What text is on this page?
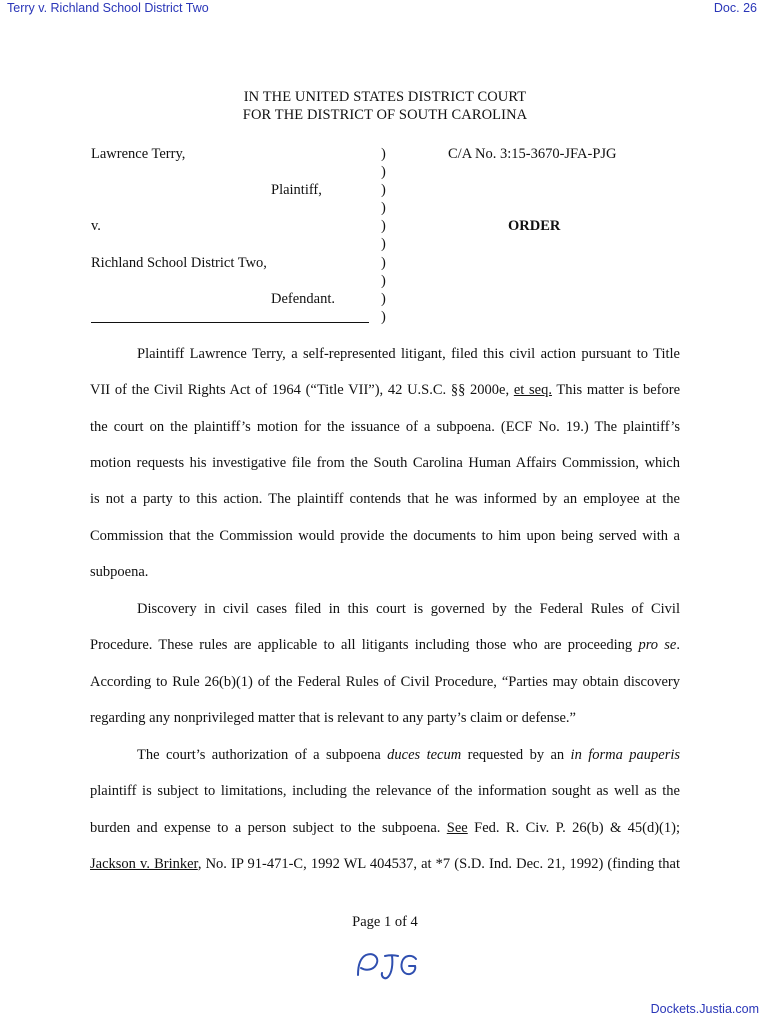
Terry v. Richland School District Two	Doc. 26
IN THE UNITED STATES DISTRICT COURT
FOR THE DISTRICT OF SOUTH CAROLINA
Lawrence Terry,
Plaintiff,
v.
Richland School District Two,
Defendant.
)
)
)
)
)
)
)
)
)
)
C/A No. 3:15-3670-JFA-PJG
ORDER
Plaintiff Lawrence Terry, a self-represented litigant, filed this civil action pursuant to Title
VII of the Civil Rights Act of 1964 (“Title VII”), 42 U.S.C. §§ 2000e, et seq. This matter is before
the court on the plaintiff’s motion for the issuance of a subpoena. (ECF No. 19.) The plaintiff’s
motion requests his investigative file from the South Carolina Human Affairs Commission, which
is not a party to this action. The plaintiff contends that he was informed by an employee at the
Commission that the Commission would provide the documents to him upon being served with a
subpoena.
Discovery in civil cases filed in this court is governed by the Federal Rules of Civil
Procedure. These rules are applicable to all litigants including those who are proceeding pro se.
According to Rule 26(b)(1) of the Federal Rules of Civil Procedure, “Parties may obtain discovery
regarding any nonprivileged matter that is relevant to any party’s claim or defense.”
The court’s authorization of a subpoena duces tecum requested by an in forma pauperis
plaintiff is subject to limitations, including the relevance of the information sought as well as the
burden and expense to a person subject to the subpoena. See Fed. R. Civ. P. 26(b) & 45(d)(1);
Jackson v. Brinker, No. IP 91-471-C, 1992 WL 404537, at *7 (S.D. Ind. Dec. 21, 1992) (finding that
Page 1 of 4
Dockets.Justia.com
